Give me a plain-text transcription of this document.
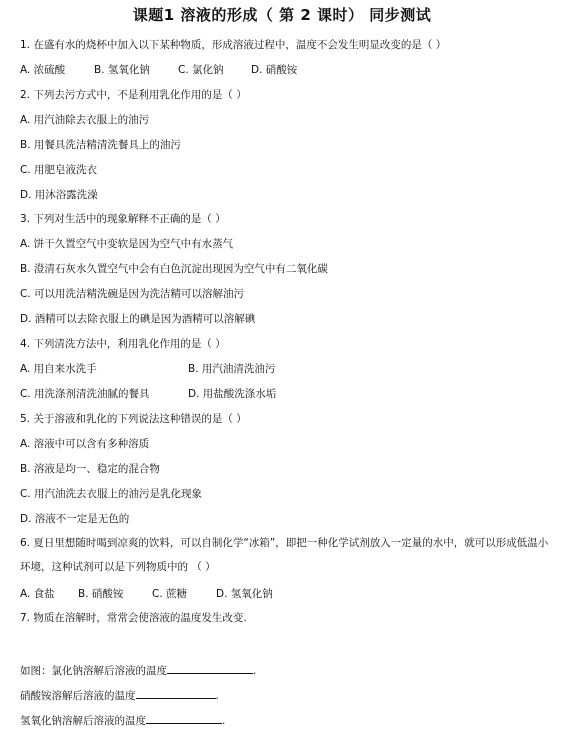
课题1 溶液的形成（ 第 2 课时） 同步测试
1. 在盛有水的烧杯中加入以下某种物质，形成溶液过程中，温度不会发生明显改变的是（ ）
A. 浓硫酸	B. 氢氧化钠	C. 氯化钠	D. 硝酸铵
2. 下列去污方式中，不是利用乳化作用的是（ ）
A. 用汽油除去衣服上的油污
B. 用餐具洗洁精清洗餐具上的油污
C. 用肥皂液洗衣
D. 用沐浴露洗澡
3. 下列对生活中的现象解释不正确的是（ ）
A. 饼干久置空气中变软是因为空气中有水蒸气
B. 澄清石灰水久置空气中会有白色沉淀出现因为空气中有二氧化碳
C. 可以用洗洁精洗碗是因为洗洁精可以溶解油污
D. 酒精可以去除衣服上的碘是因为酒精可以溶解碘
4. 下列清洗方法中，利用乳化作用的是（ ）
A. 用自来水洗手	B. 用汽油清洗油污
C. 用洗涤剂清洗油腻的餐具	D. 用盐酸洗涤水垢
5. 关于溶液和乳化的下列说法这种错误的是（ ）
A. 溶液中可以含有多种溶质
B. 溶液是均一、稳定的混合物
C. 用汽油洗去衣服上的油污是乳化现象
D. 溶液不一定是无色的
6. 夏日里想随时喝到凉爽的饮料，可以自制化学“冰箱”，即把一种化学试剂放入一定量的水中，就可以形成低温小环境，这种试剂可以是下列物质中的 （ ）
A. 食盐 B. 硝酸铵	C. 蔗糖	D. 氢氧化钠
7. 物质在溶解时，常常会使溶液的温度发生改变.
如图：氯化钠溶解后溶液的温度	.
硝酸铵溶解后溶液的温度	.
氢氧化钠溶解后溶液的温度	.
